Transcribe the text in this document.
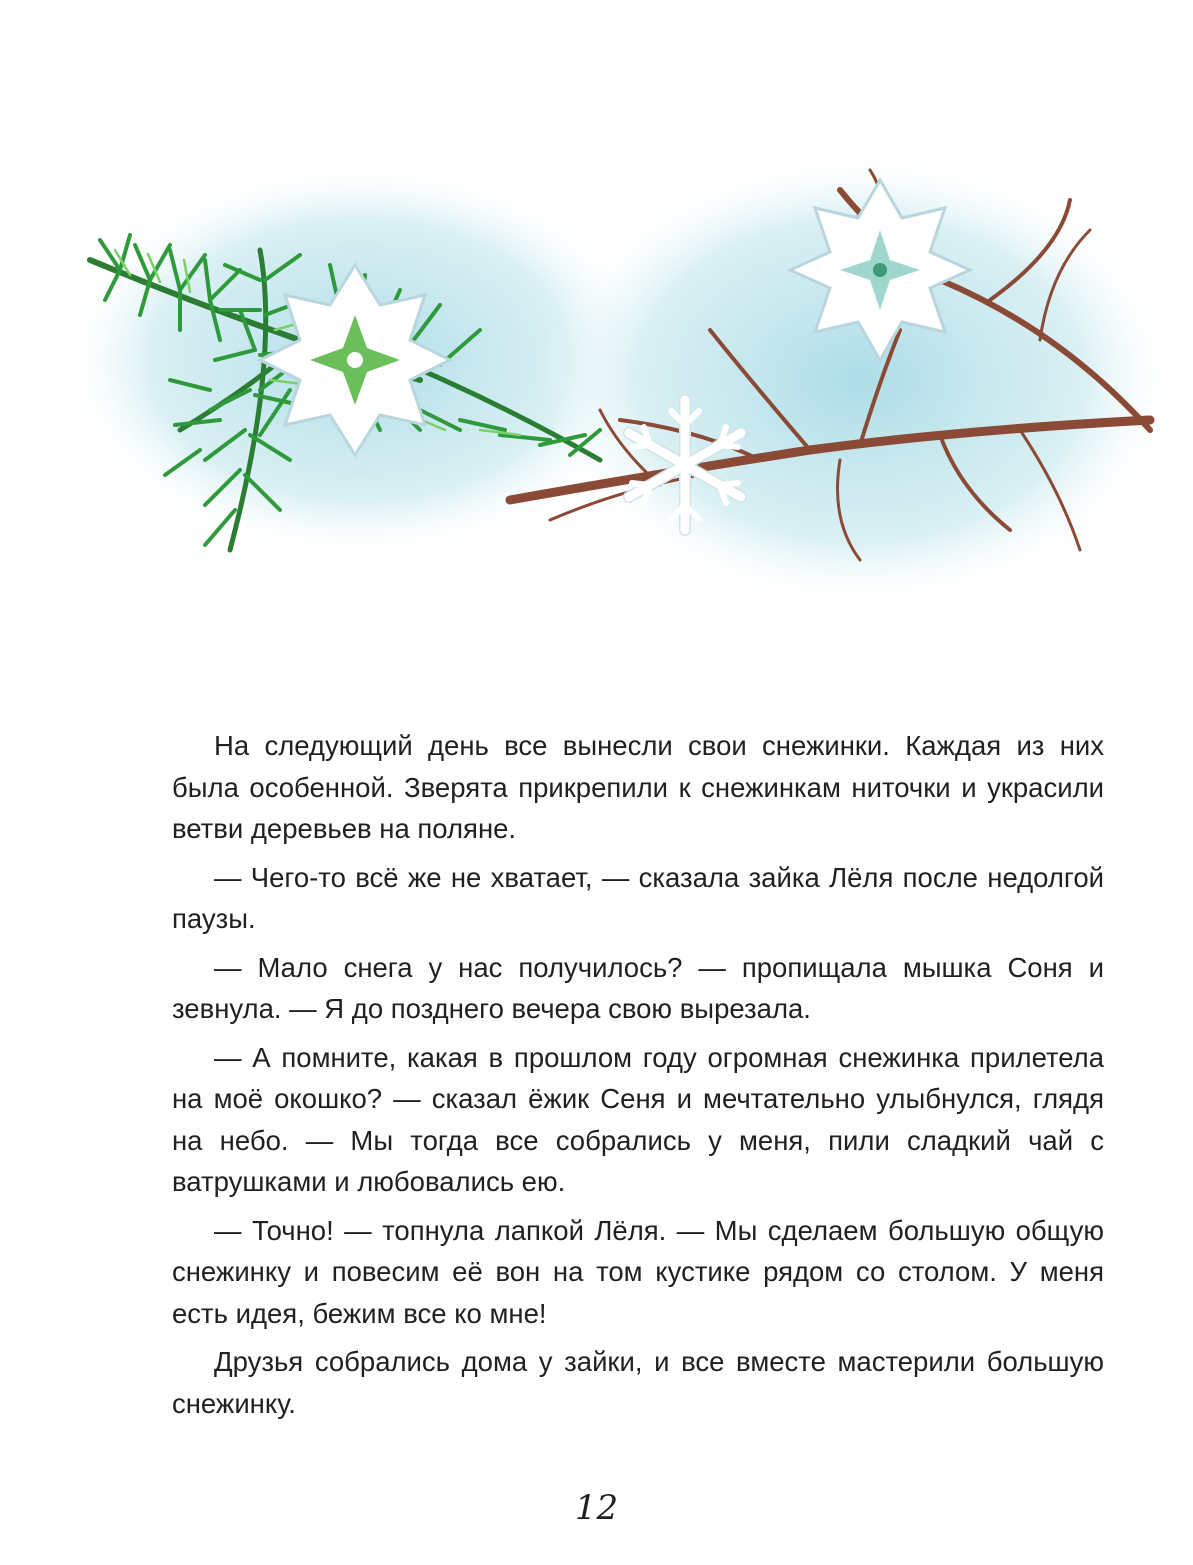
На следующий день все вынесли свои снежинки. Каждая из них была особенной. Зверята прикрепили к снежинкам ниточки и украсили ветви деревьев на поляне.

— Чего-то всё же не хватает, — сказала зайка Лёля после недолгой паузы.

— Мало снега у нас получилось? — пропищала мышка Соня и зевнула. — Я до позднего вечера свою вырезала.

— А помните, какая в прошлом году огромная снежинка прилетела на моё окошко? — сказал ёжик Сеня и мечтательно улыбнулся, глядя на небо. — Мы тогда все собрались у меня, пили сладкий чай с ватрушками и любовались ею.

— Точно! — топнула лапкой Лёля. — Мы сделаем большую общую снежинку и повесим её вон на том кустике рядом со столом. У меня есть идея, бежим все ко мне!

Друзья собрались дома у зайки, и все вместе мастерили большую снежинку.

12
